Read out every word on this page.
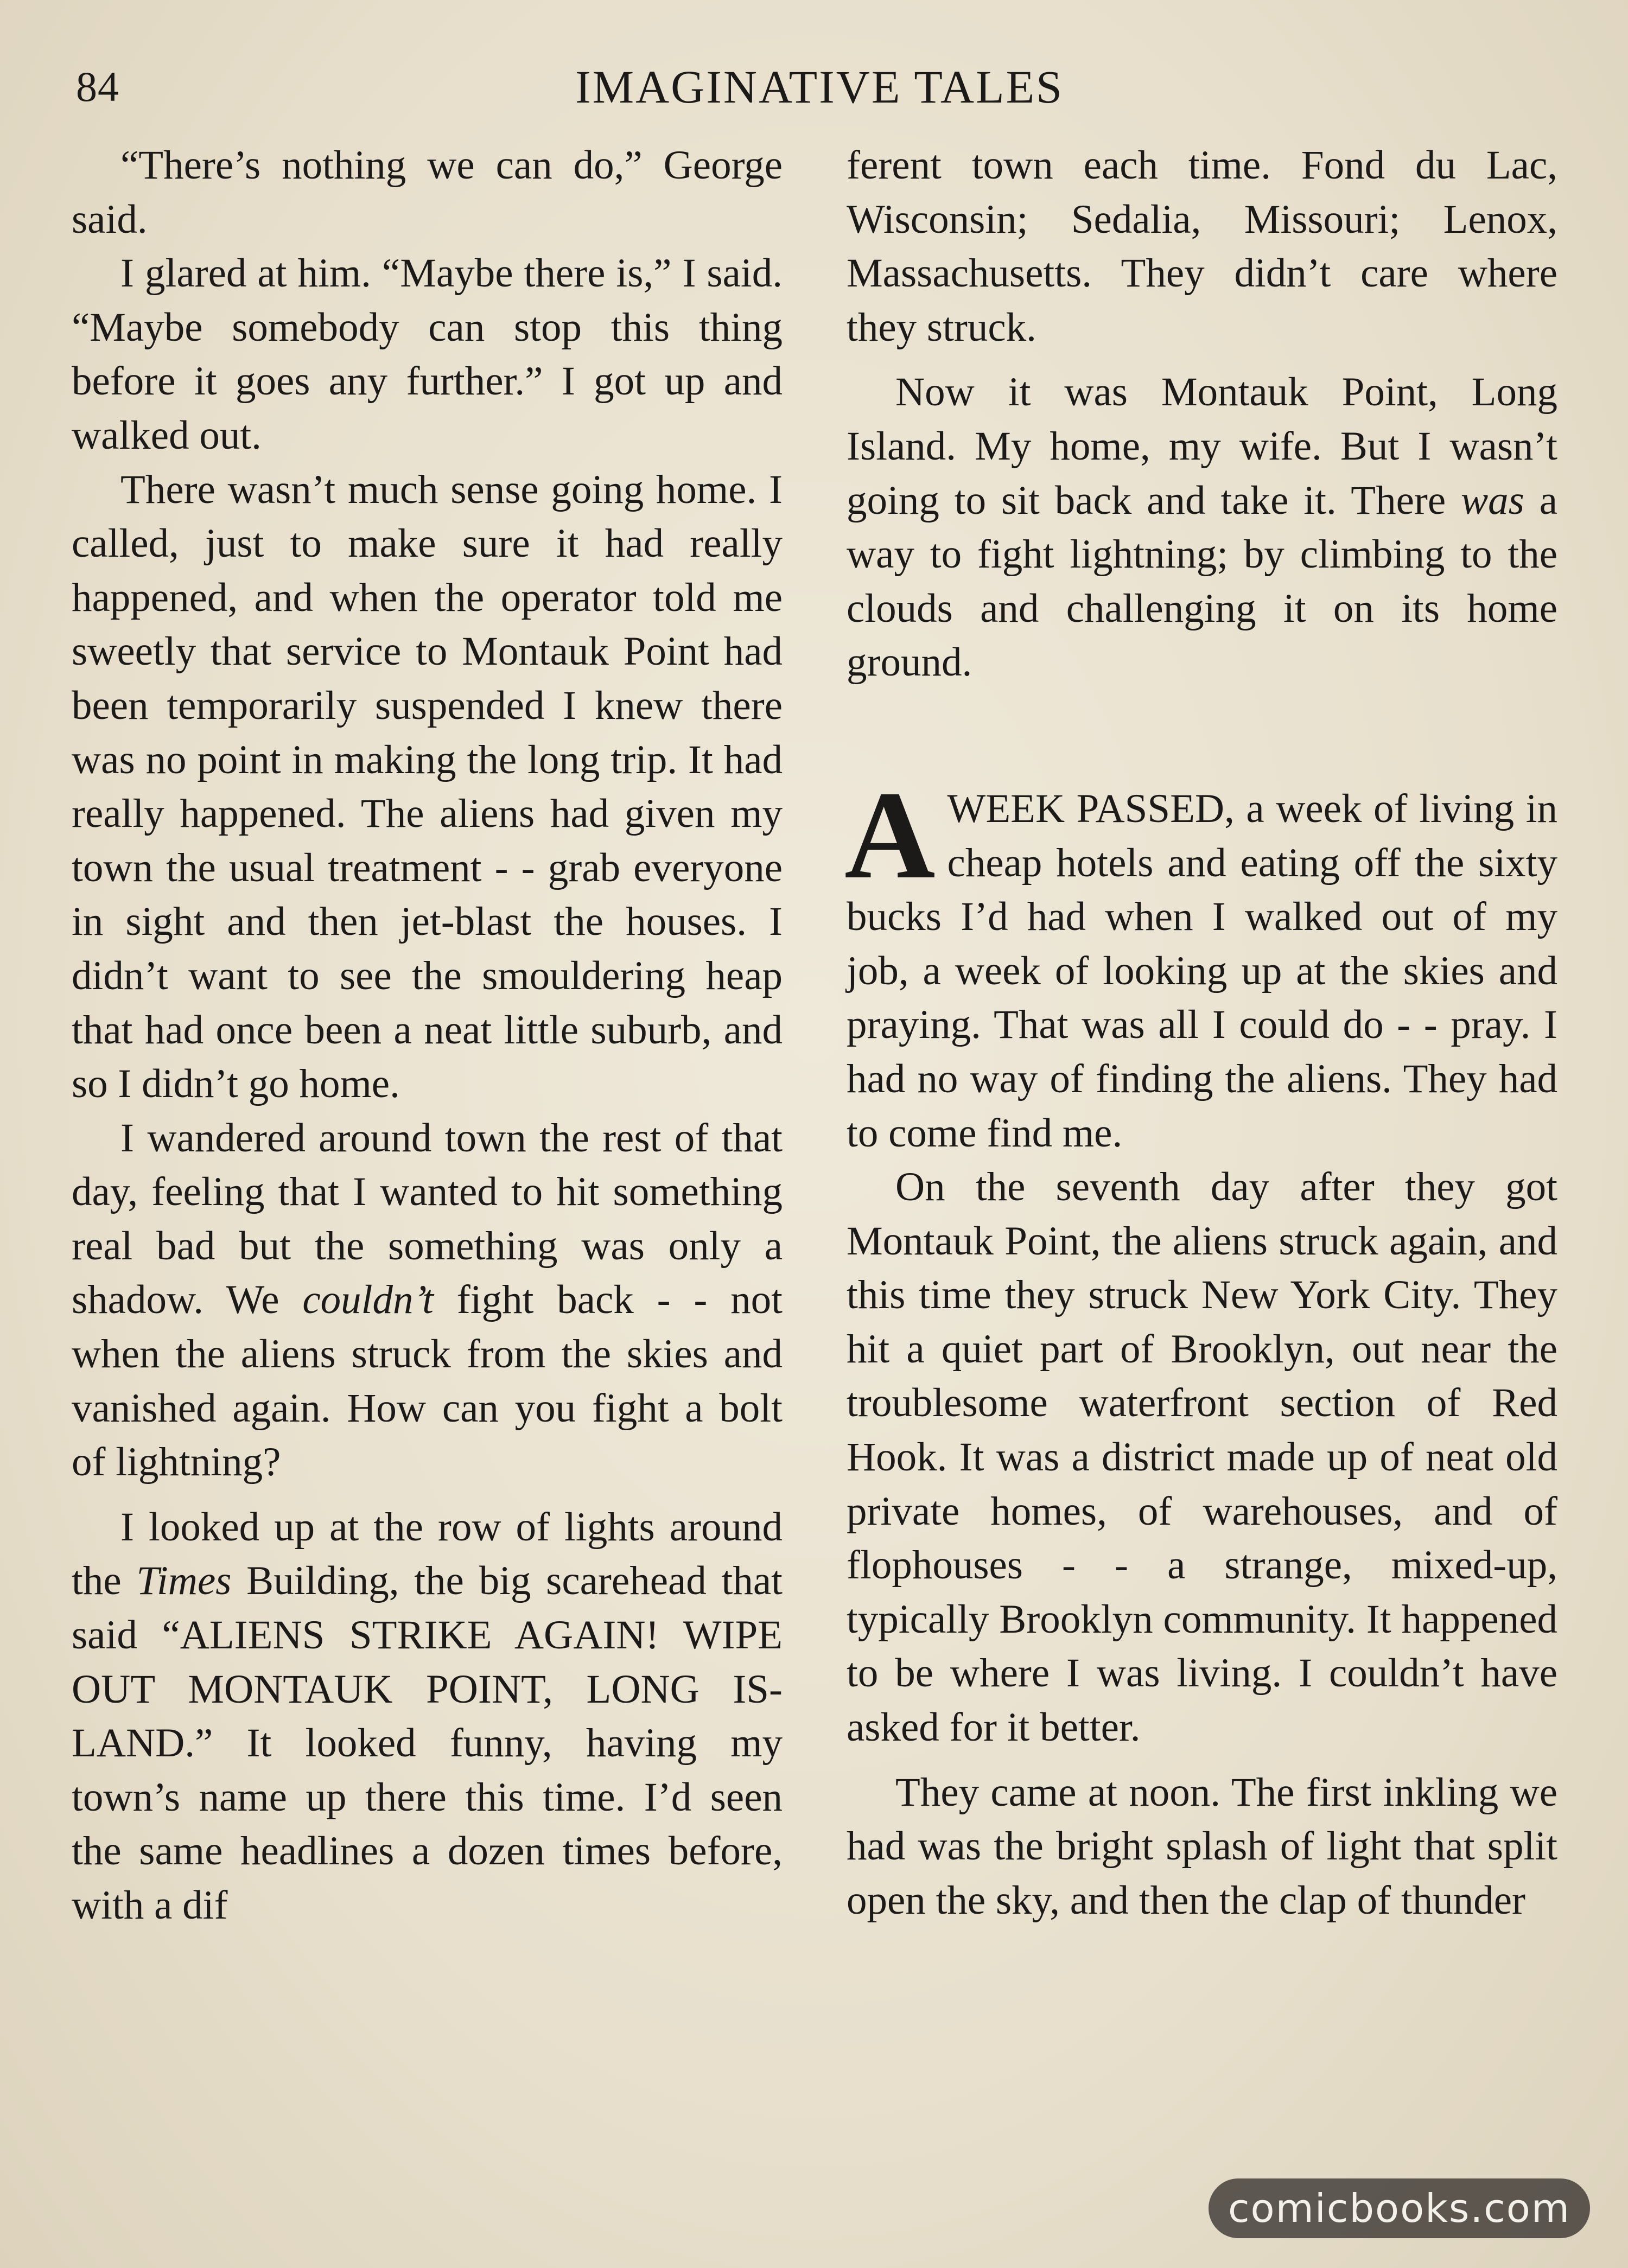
84	IMAGINATIVE TALES

“There’s nothing we can do,” George said.

I glared at him. “Maybe there is,” I said. “Maybe somebody can stop this thing before it goes any further.” I got up and walked out.

There wasn’t much sense going home. I called, just to make sure it had really happened, and when the operator told me sweetly that service to Montauk Point had been temporarily suspended I knew there was no point in making the long trip. It had really happened. The aliens had given my town the usual treatment - - grab everyone in sight and then jet-blast the houses. I didn’t want to see the smouldering heap that had once been a neat little suburb, and so I didn’t go home.

I wandered around town the rest of that day, feeling that I wanted to hit something real bad but the something was only a shadow. We couldn’t fight back - - not when the aliens struck from the skies and vanished again. How can you fight a bolt of lightning?

I looked up at the row of lights around the Times Building, the big scarehead that said “ALIENS STRIKE AGAIN! WIPE OUT MONTAUK POINT, LONG ISLAND.” It looked funny, having my town’s name up there this time. I’d seen the same headlines a dozen times before, with a dif

ferent town each time. Fond du Lac, Wisconsin; Sedalia, Missouri; Lenox, Massachusetts. They didn’t care where they struck.

Now it was Montauk Point, Long Island. My home, my wife. But I wasn’t going to sit back and take it. There was a way to fight lightning; by climbing to the clouds and challenging it on its home ground.

AWEEK PASSED, a week of living in cheap hotels and eating off the sixty bucks I’d had when I walked out of my job, a week of looking up at the skies and praying. That was all I could do - - pray. I had no way of finding the aliens. They had to come find me.

On the seventh day after they got Montauk Point, the aliens struck again, and this time they struck New York City. They hit a quiet part of Brooklyn, out near the troublesome waterfront section of Red Hook. It was a district made up of neat old private homes, of warehouses, and of flophouses - - a strange, mixed-up, typically Brooklyn community. It happened to be where I was living. I couldn’t have asked for it better.

They came at noon. The first inkling we had was the bright splash of light that split open the sky, and then the clap of thunder

comicbooks.com
